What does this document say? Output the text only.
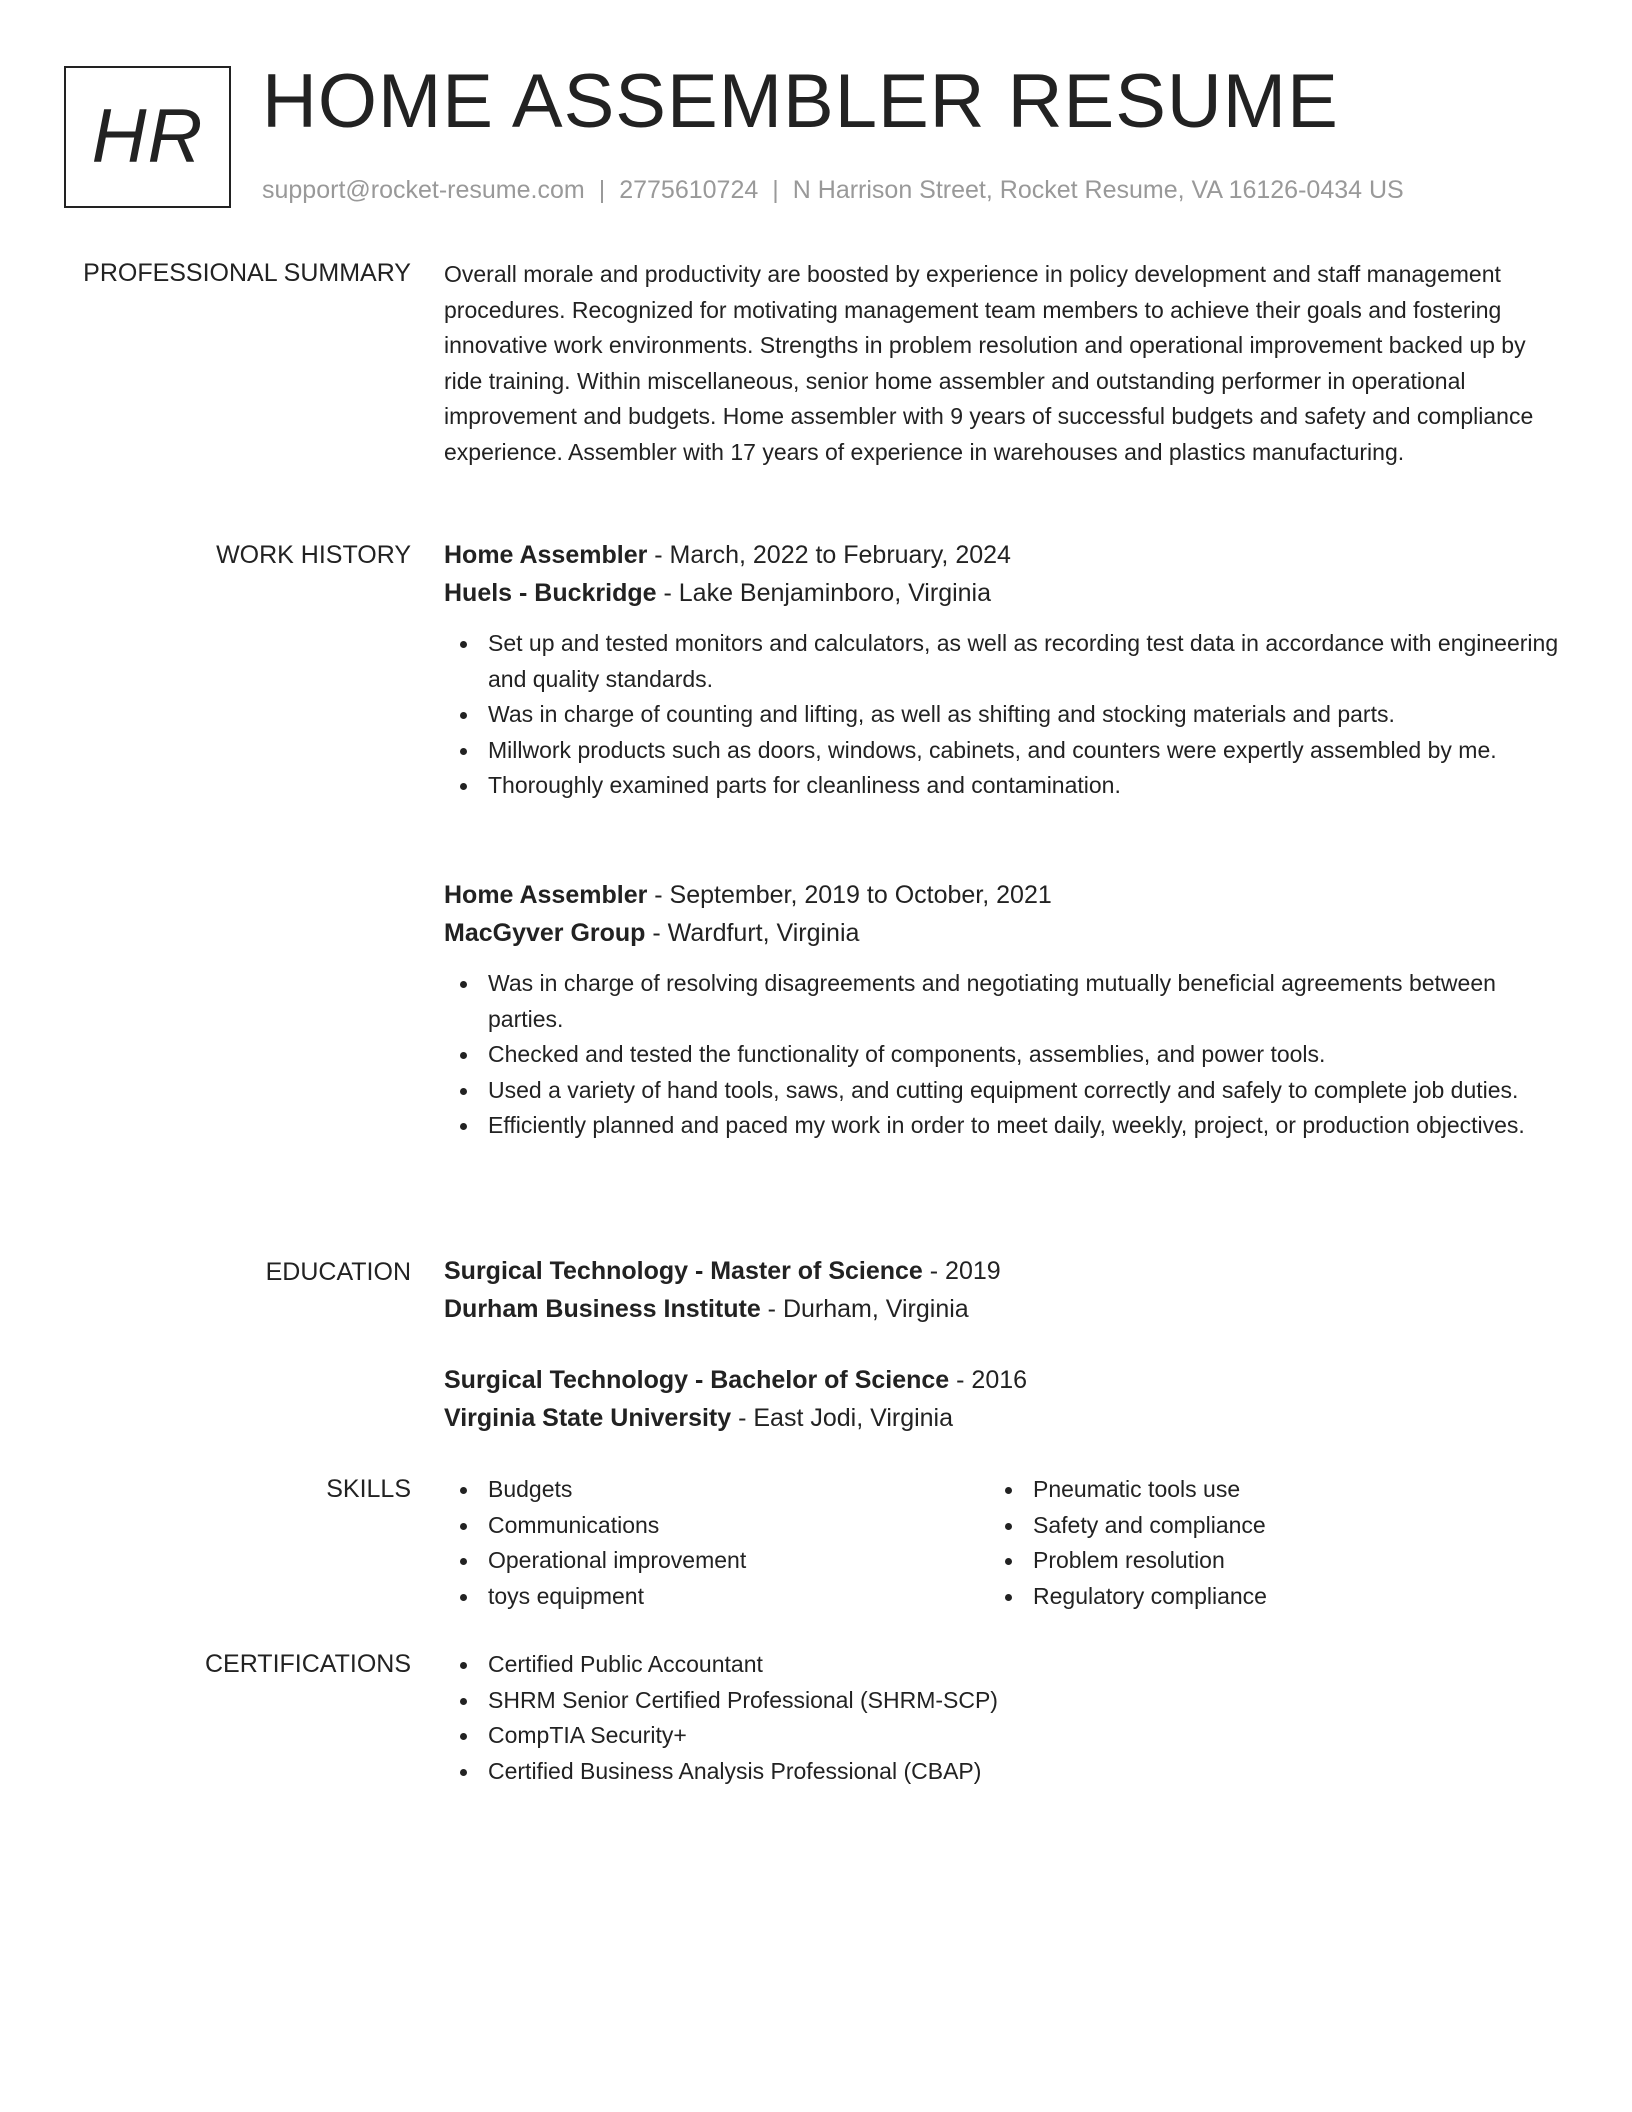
HR HOME ASSEMBLER RESUME
support@rocket-resume.com | 2775610724 | N Harrison Street, Rocket Resume, VA 16126-0434 US
PROFESSIONAL SUMMARY Overall morale and productivity are boosted by experience in policy development and staff management procedures. Recognized for motivating management team members to achieve their goals and fostering innovative work environments. Strengths in problem resolution and operational improvement backed up by ride training. Within miscellaneous, senior home assembler and outstanding performer in operational improvement and budgets. Home assembler with 9 years of successful budgets and safety and compliance experience. Assembler with 17 years of experience in warehouses and plastics manufacturing.
WORK HISTORY Home Assembler - March, 2022 to February, 2024
Huels - Buckridge - Lake Benjaminboro, Virginia
Set up and tested monitors and calculators, as well as recording test data in accordance with engineering and quality standards.
Was in charge of counting and lifting, as well as shifting and stocking materials and parts.
Millwork products such as doors, windows, cabinets, and counters were expertly assembled by me.
Thoroughly examined parts for cleanliness and contamination.
Home Assembler - September, 2019 to October, 2021
MacGyver Group - Wardfurt, Virginia
Was in charge of resolving disagreements and negotiating mutually beneficial agreements between parties.
Checked and tested the functionality of components, assemblies, and power tools.
Used a variety of hand tools, saws, and cutting equipment correctly and safely to complete job duties.
Efficiently planned and paced my work in order to meet daily, weekly, project, or production objectives.
EDUCATION Surgical Technology - Master of Science - 2019
Durham Business Institute - Durham, Virginia
Surgical Technology - Bachelor of Science - 2016
Virginia State University - East Jodi, Virginia
SKILLS	Budgets
Communications
Operational improvement
toys equipment
Pneumatic tools use
Safety and compliance
Problem resolution
Regulatory compliance
CERTIFICATIONS	Certified Public Accountant
SHRM Senior Certified Professional (SHRM-SCP)
CompTIA Security+
Certified Business Analysis Professional (CBAP)
